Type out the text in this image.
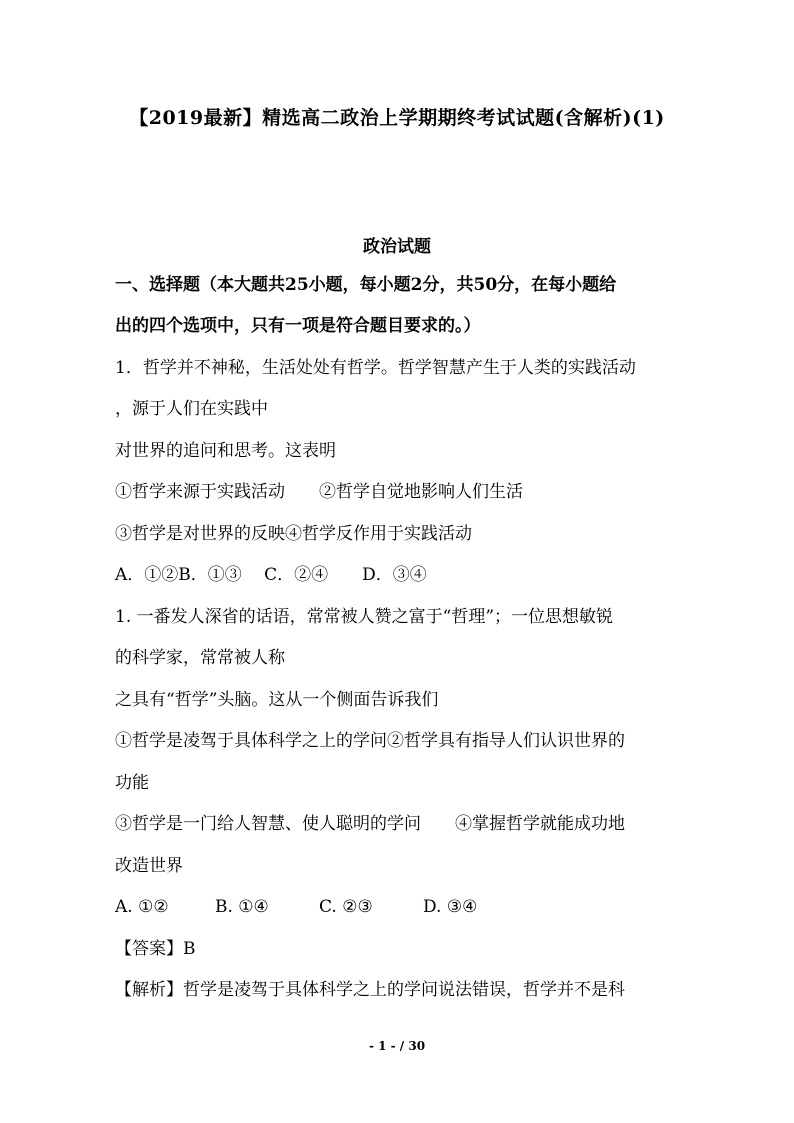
【2019最新】精选高二政治上学期期终考试试题(含解析)(1)
政治试题
一、选择题（本大题共25小题，每小题2分，共50分，在每小题给
出的四个选项中，只有一项是符合题目要求的。）
1．哲学并不神秘，生活处处有哲学。哲学智慧产生于人类的实践活动
，源于人们在实践中
对世界的追问和思考。这表明
①哲学来源于实践活动　　②哲学自觉地影响人们生活
③哲学是对世界的反映④哲学反作用于实践活动
A．①②B．①③　 C．②④　　D．③④
1. 一番发人深省的话语，常常被人赞之富于“哲理”；一位思想敏锐
的科学家，常常被人称
之具有“哲学”头脑。这从一个侧面告诉我们
①哲学是凌驾于具体科学之上的学问②哲学具有指导人们认识世界的
功能
③哲学是一门给人智慧、使人聪明的学问　　④掌握哲学就能成功地
改造世界
A. ①②	B. ①④	C. ②③	D. ③④
【答案】B
【解析】哲学是凌驾于具体科学之上的学问说法错误，哲学并不是科
- 1 - / 30
